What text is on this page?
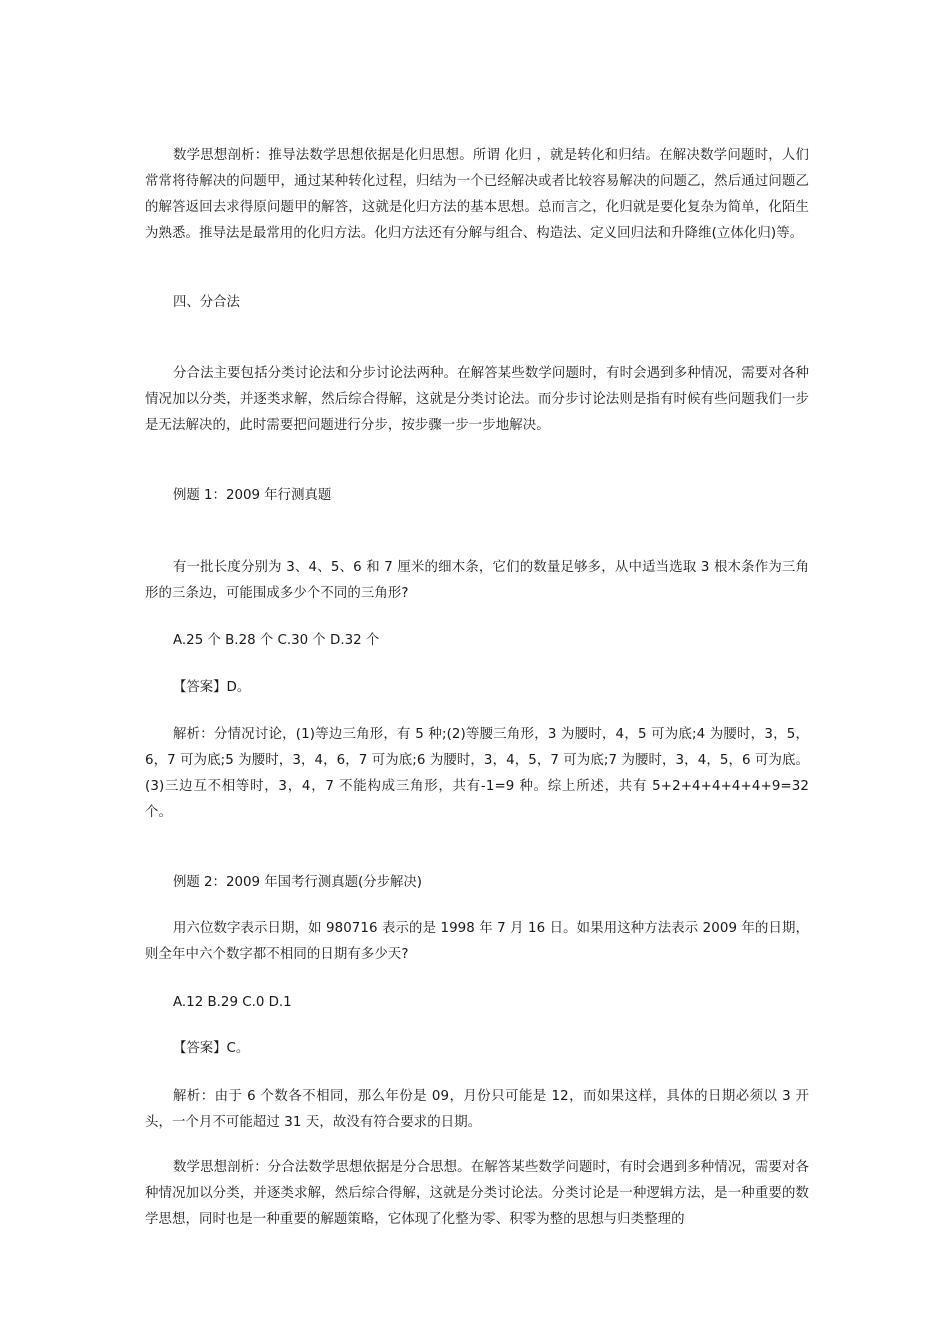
数学思想剖析：推导法数学思想依据是化归思想。所谓 化归 ，就是转化和归结。在解决数学问题时，人们常常将待解决的问题甲，通过某种转化过程，归结为一个已经解决或者比较容易解决的问题乙，然后通过问题乙的解答返回去求得原问题甲的解答，这就是化归方法的基本思想。总而言之，化归就是要化复杂为简单，化陌生为熟悉。推导法是最常用的化归方法。化归方法还有分解与组合、构造法、定义回归法和升降维(立体化归)等。

四、分合法

分合法主要包括分类讨论法和分步讨论法两种。在解答某些数学问题时，有时会遇到多种情况，需要对各种情况加以分类，并逐类求解，然后综合得解，这就是分类讨论法。而分步讨论法则是指有时候有些问题我们一步是无法解决的，此时需要把问题进行分步，按步骤一步一步地解决。

例题 1：2009 年行测真题

有一批长度分别为 3、4、5、6 和 7 厘米的细木条，它们的数量足够多，从中适当选取 3 根木条作为三角形的三条边，可能围成多少个不同的三角形?

A.25 个 B.28 个 C.30 个 D.32 个

【答案】D。

解析：分情况讨论，(1)等边三角形，有 5 种;(2)等腰三角形，3 为腰时，4，5 可为底;4 为腰时，3，5，6，7 可为底;5 为腰时，3，4，6，7 可为底;6 为腰时，3，4，5，7 可为底;7 为腰时，3，4，5，6 可为底。(3)三边互不相等时，3，4，7 不能构成三角形，共有-1=9 种。综上所述，共有 5+2+4+4+4+4+9=32 个。

例题 2：2009 年国考行测真题(分步解决)

用六位数字表示日期，如 980716 表示的是 1998 年 7 月 16 日。如果用这种方法表示 2009 年的日期，则全年中六个数字都不相同的日期有多少天?

A.12 B.29 C.0 D.1

【答案】C。

解析：由于 6 个数各不相同，那么年份是 09，月份只可能是 12，而如果这样，具体的日期必须以 3 开头，一个月不可能超过 31 天，故没有符合要求的日期。

数学思想剖析：分合法数学思想依据是分合思想。在解答某些数学问题时，有时会遇到多种情况，需要对各种情况加以分类，并逐类求解，然后综合得解，这就是分类讨论法。分类讨论是一种逻辑方法，是一种重要的数学思想，同时也是一种重要的解题策略，它体现了化整为零、积零为整的思想与归类整理的
